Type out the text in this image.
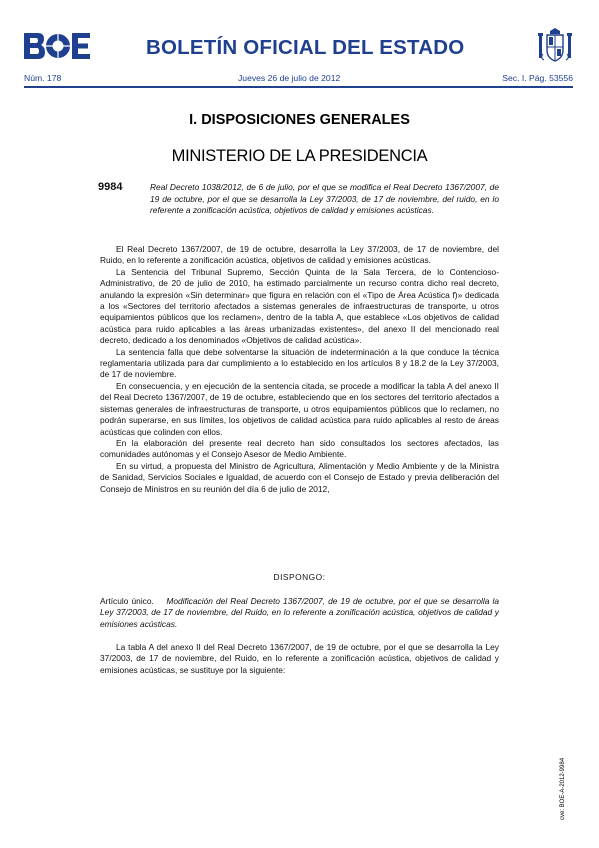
BOLETÍN OFICIAL DEL ESTADO
Núm. 178	Jueves 26 de julio de 2012	Sec. I. Pág. 53556
I. DISPOSICIONES GENERALES
MINISTERIO DE LA PRESIDENCIA
9984	Real Decreto 1038/2012, de 6 de julio, por el que se modifica el Real Decreto 1367/2007, de 19 de octubre, por el que se desarrolla la Ley 37/2003, de 17 de noviembre, del ruido, en lo referente a zonificación acústica, objetivos de calidad y emisiones acústicas.

El Real Decreto 1367/2007, de 19 de octubre, desarrolla la Ley 37/2003, de 17 de noviembre, del Ruido, en lo referente a zonificación acústica, objetivos de calidad y emisiones acústicas.

La Sentencia del Tribunal Supremo, Sección Quinta de la Sala Tercera, de lo Contencioso-Administrativo, de 20 de julio de 2010, ha estimado parcialmente un recurso contra dicho real decreto, anulando la expresión «Sin determinar» que figura en relación con el «Tipo de Área Acústica f)» dedicada a los «Sectores del territorio afectados a sistemas generales de infraestructuras de transporte, u otros equipamientos públicos que los reclamen», dentro de la tabla A, que establece «Los objetivos de calidad acústica para ruido aplicables a las áreas urbanizadas existentes», del anexo II del mencionado real decreto, dedicado a los denominados «Objetivos de calidad acústica».

La sentencia falla que debe solventarse la situación de indeterminación a la que conduce la técnica reglamentaria utilizada para dar cumplimiento a lo establecido en los artículos 8 y 18.2 de la Ley 37/2003, de 17 de noviembre.

En consecuencia, y en ejecución de la sentencia citada, se procede a modificar la tabla A del anexo II del Real Decreto 1367/2007, de 19 de octubre, estableciendo que en los sectores del territorio afectados a sistemas generales de infraestructuras de transporte, u otros equipamientos públicos que lo reclamen, no podrán superarse, en sus límites, los objetivos de calidad acústica para ruido aplicables al resto de áreas acústicas que colinden con ellos.

En la elaboración del presente real decreto han sido consultados los sectores afectados, las comunidades autónomas y el Consejo Asesor de Medio Ambiente.

En su virtud, a propuesta del Ministro de Agricultura, Alimentación y Medio Ambiente y de la Ministra de Sanidad, Servicios Sociales e Igualdad, de acuerdo con el Consejo de Estado y previa deliberación del Consejo de Ministros en su reunión del día 6 de julio de 2012,

DISPONGO:
Artículo único. Modificación del Real Decreto 1367/2007, de 19 de octubre, por el que se desarrolla la Ley 37/2003, de 17 de noviembre, del Ruido, en lo referente a zonificación acústica, objetivos de calidad y emisiones acústicas.

La tabla A del anexo II del Real Decreto 1367/2007, de 19 de octubre, por el que se desarrolla la Ley 37/2003, de 17 de noviembre, del Ruido, en lo referente a zonificación acústica, objetivos de calidad y emisiones acústicas, se sustituye por la siguiente:

cve: BOE-A-2012-9984
